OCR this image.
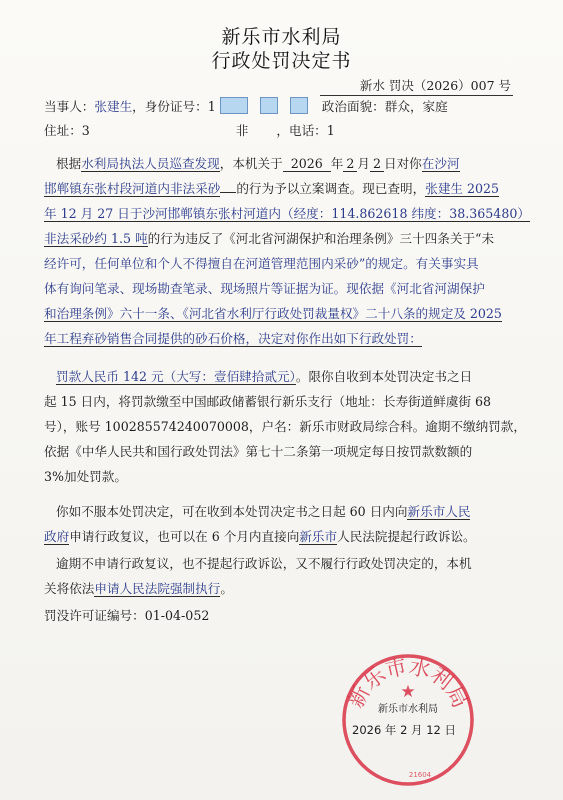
新乐市水利局
行政处罚决定书
新水 罚决（2026）007 号
当事人：张建生，身份证号：1	政治面貌：群众，家庭
住址：3	非 ，电话：1
根据水利局执法人员巡查发现，本机关于 2026 年 2 月 2 日对你在沙河
邯郸镇东张村段河道内非法采砂 的行为予以立案调查。现已查明，张建生 2025
年 12 月 27 日于沙河邯郸镇东张村河道内（经度：114.862618 纬度：38.365480）
非法采砂约 1.5 吨的行为违反了《河北省河湖保护和治理条例》三十四条关于“未
经许可，任何单位和个人不得擅自在河道管理范围内采砂”的规定。有关事实具
体有询问笔录、现场勘查笔录、现场照片等证据为证。现依据《河北省河湖保护
和治理条例》六十一条、《河北省水利厅行政处罚裁量权》二十八条的规定及 2025
年工程弃砂销售合同提供的砂石价格，决定对你作出如下行政处罚：
罚款人民币 142 元（大写：壹佰肆拾贰元）。限你自收到本处罚决定书之日
起 15 日内，将罚款缴至中国邮政储蓄银行新乐支行（地址：长寿街道鲜虞街 68
号），账号 100285574240070008，户名：新乐市财政局综合科。逾期不缴纳罚款，
依据《中华人民共和国行政处罚法》第七十二条第一项规定每日按罚款数额的
3%加处罚款。
你如不服本处罚决定，可在收到本处罚决定书之日起 60 日内向新乐市人民
政府申请行政复议，也可以在 6 个月内直接向新乐市人民法院提起行政诉讼。
逾期不申请行政复议，也不提起行政诉讼，又不履行行政处罚决定的，本机
关将依法申请人民法院强制执行。
罚没许可证编号：01-04-052
新乐市水利局
★
新乐市水利局
2026 年 2 月 12 日
21604
